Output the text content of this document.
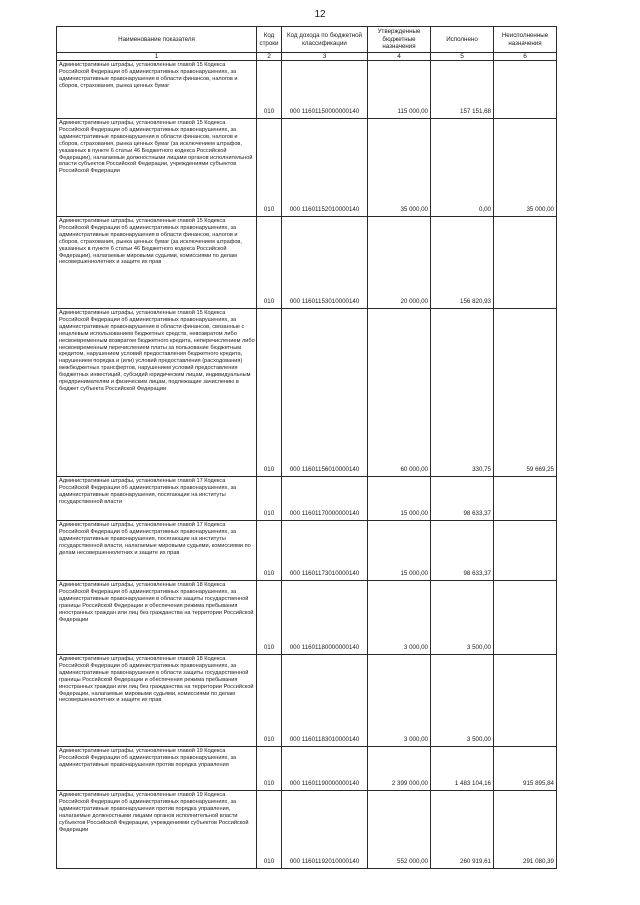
12
Наименование показателя	Код строки	Код дохода по бюджетной классификации	Утвержденные бюджетные назначения	Исполнено	Неисполненные назначения
1	2	3	4	5	6
Административные штрафы, установленные главой 15 Кодекса Российской Федерации об административных правонарушениях, за административные правонарушения в области финансов, налогов и сборов, страхования, рынка ценных бумаг	010	000 11601150000000140	115 000,00	157 151,68	
Административные штрафы, установленные главой 15 Кодекса Российской Федерации об административных правонарушениях, за административные правонарушения в области финансов, налогов и сборов, страхования, рынка ценных бумаг (за исключением штрафов, указанных в пункте 6 статьи 46 Бюджетного кодекса Российской Федерации), налагаемые должностными лицами органов исполнительной власти субъектов Российской Федерации, учреждениями субъектов Российской Федерации	010	000 11601152010000140	35 000,00	0,00	35 000,00
Административные штрафы, установленные главой 15 Кодекса Российской Федерации об административных правонарушениях, за административные правонарушения в области финансов, налогов и сборов, страхования, рынка ценных бумаг (за исключением штрафов, указанных в пункте 6 статьи 46 Бюджетного кодекса Российской Федерации), налагаемые мировыми судьями, комиссиями по делам несовершеннолетних и защите их прав	010	000 11601153010000140	20 000,00	156 820,93	
Административные штрафы, установленные главой 15 Кодекса Российской Федерации об административных правонарушениях, за административные правонарушения в области финансов, связанные с нецелевым использованием бюджетных средств, невозвратом либо несвоевременным возвратом бюджетного кредита, неперечислением либо несвоевременным перечислением платы за пользование бюджетным кредитом, нарушением условий предоставления бюджетного кредита, нарушением порядка и (или) условий предоставления (расходования) межбюджетных трансфертов, нарушением условий предоставления бюджетных инвестиций, субсидий юридическим лицам, индивидуальным предпринимателям и физическим лицам, подлежащие зачислению в бюджет субъекта Российской Федерации	010	000 11601156010000140	60 000,00	330,75	59 669,25
Административные штрафы, установленные главой 17 Кодекса Российской Федерации об административных правонарушениях, за административные правонарушения, посягающие на институты государственной власти	010	000 11601170000000140	15 000,00	98 633,37	
Административные штрафы, установленные главой 17 Кодекса Российской Федерации об административных правонарушениях, за административные правонарушения, посягающие на институты государственной власти, налагаемые мировыми судьями, комиссиями по делам несовершеннолетних и защите их прав	010	000 11601173010000140	15 000,00	98 633,37	
Административные штрафы, установленные главой 18 Кодекса Российской Федерации об административных правонарушениях, за административные правонарушения в области защиты государственной границы Российской Федерации и обеспечения режима пребывания иностранных граждан или лиц без гражданства на территории Российской Федерации	010	000 11601180000000140	3 000,00	3 500,00	
Административные штрафы, установленные главой 18 Кодекса Российской Федерации об административных правонарушениях, за административные правонарушения в области защиты государственной границы Российской Федерации и обеспечения режима пребывания иностранных граждан или лиц без гражданства на территории Российской Федерации, налагаемые мировыми судьями, комиссиями по делам несовершеннолетних и защите их прав	010	000 11601183010000140	3 000,00	3 500,00	
Административные штрафы, установленные главой 19 Кодекса Российской Федерации об административных правонарушениях, за административные правонарушения против порядка управления	010	000 11601190000000140	2 399 000,00	1 483 104,16	915 895,84
Административные штрафы, установленные главой 19 Кодекса Российской Федерации об административных правонарушениях, за административные правонарушения против порядка управления, налагаемые должностными лицами органов исполнительной власти субъектов Российской Федерации, учреждениями субъектов Российской Федерации	010	000 11601192010000140	552 000,00	260 919,61	291 080,39
